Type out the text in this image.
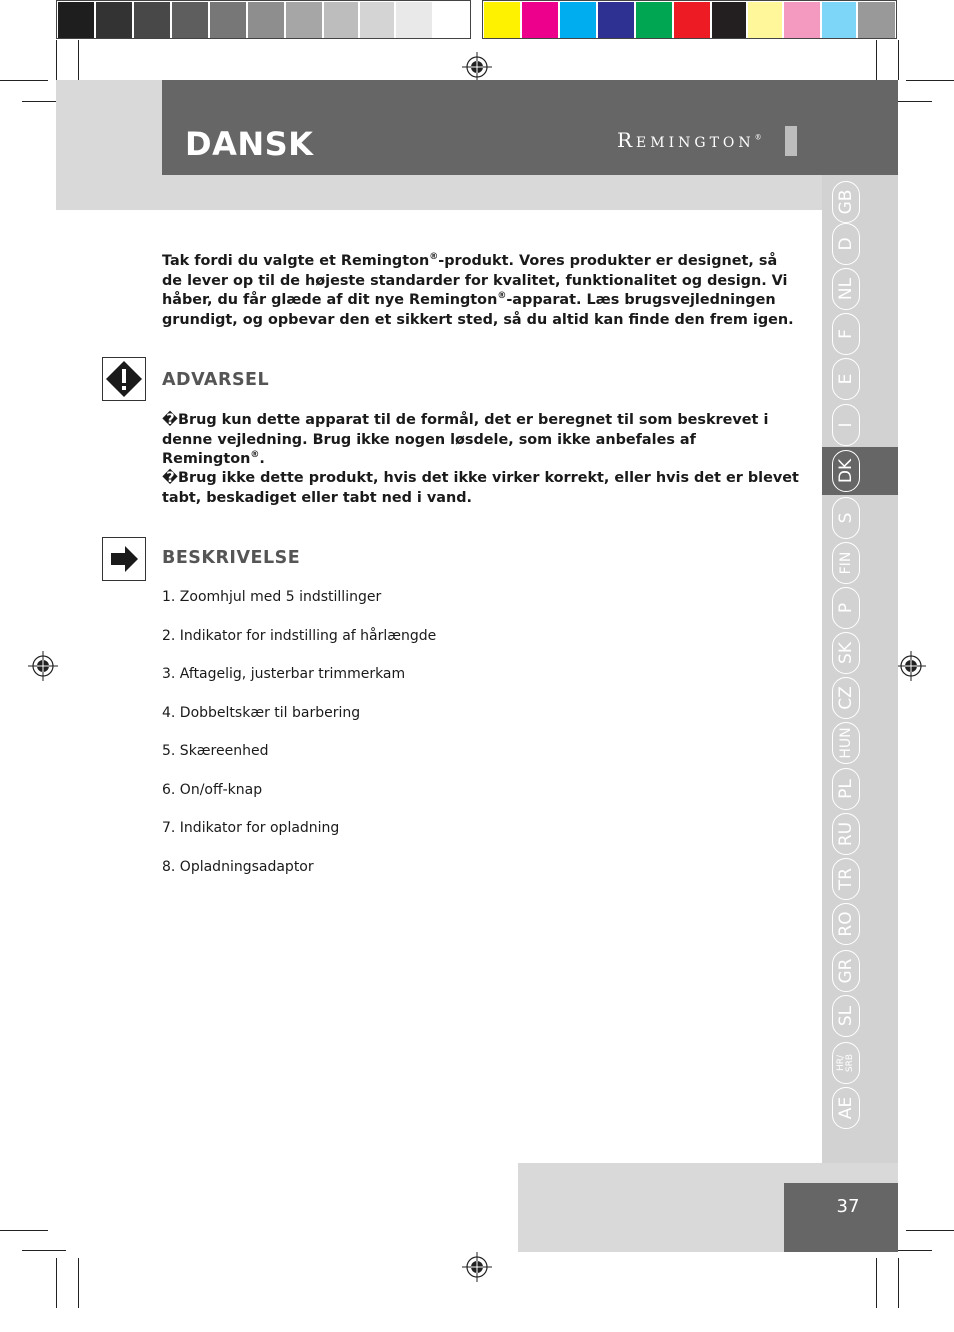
DANSK	Remington®
GB
D
NL
F
E
I
DK
S
FIN
P
SK
CZ
HUN
PL
RU
TR
RO
GR
SL
HR/ SRB
AE
Tak fordi du valgte et Remington®-produkt. Vores produkter er designet, så de lever op til de højeste standarder for kvalitet, funktionalitet og design. Vi håber, du får glæde af dit nye Remington®-apparat. Læs brugsvejledningen grundigt, og opbevar den et sikkert sted, så du altid kan finde den frem igen.
ADVARSEL
�Brug kun dette apparat til de formål, det er beregnet til som beskrevet i denne vejledning. Brug ikke nogen løsdele, som ikke anbefales af Remington®.
�Brug ikke dette produkt, hvis det ikke virker korrekt, eller hvis det er blevet tabt, beskadiget eller tabt ned i vand.
BESKRIVELSE
1. Zoomhjul med 5 indstillinger
2. Indikator for indstilling af hårlængde
3. Aftagelig, justerbar trimmerkam
4. Dobbeltskær til barbering
5. Skæreenhed
6. On/off-knap
7. Indikator for opladning
8. Opladningsadaptor
37
